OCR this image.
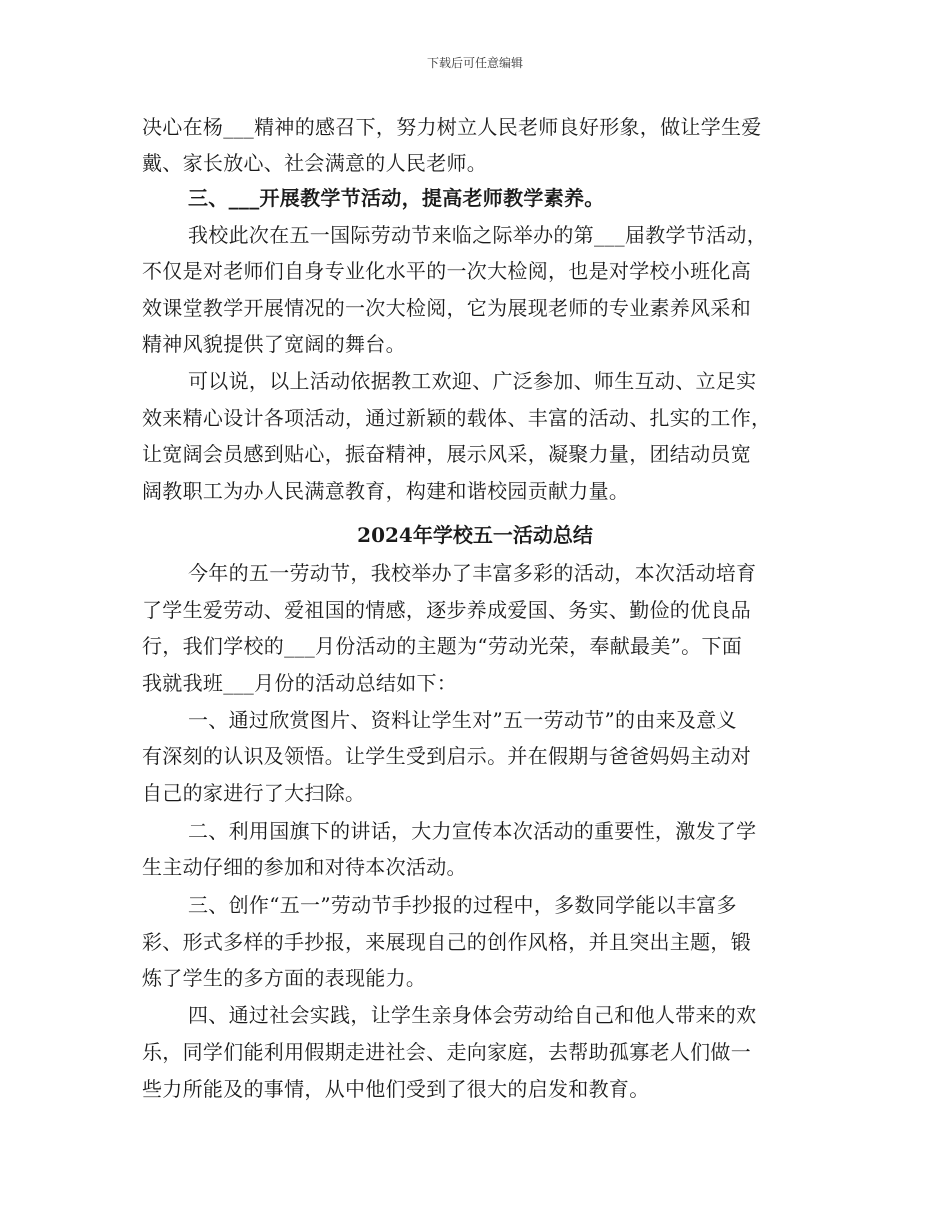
下载后可任意编辑
决心在杨___精神的感召下，努力树立人民老师良好形象，做让学生爱
戴、家长放心、社会满意的人民老师。
三、___开展教学节活动，提高老师教学素养。
我校此次在五一国际劳动节来临之际举办的第___届教学节活动，
不仅是对老师们自身专业化水平的一次大检阅，也是对学校小班化高
效课堂教学开展情况的一次大检阅，它为展现老师的专业素养风采和
精神风貌提供了宽阔的舞台。
可以说，以上活动依据教工欢迎、广泛参加、师生互动、立足实
效来精心设计各项活动，通过新颖的载体、丰富的活动、扎实的工作，
让宽阔会员感到贴心，振奋精神，展示风采，凝聚力量，团结动员宽
阔教职工为办人民满意教育，构建和谐校园贡献力量。
2024年学校五一活动总结
今年的五一劳动节，我校举办了丰富多彩的活动，本次活动培育
了学生爱劳动、爱祖国的情感，逐步养成爱国、务实、勤俭的优良品
行，我们学校的___月份活动的主题为“劳动光荣，奉献最美”。下面
我就我班___月份的活动总结如下：
一、通过欣赏图片、资料让学生对”五一劳动节”的由来及意义
有深刻的认识及领悟。让学生受到启示。并在假期与爸爸妈妈主动对
自己的家进行了大扫除。
二、利用国旗下的讲话，大力宣传本次活动的重要性，激发了学
生主动仔细的参加和对待本次活动。
三、创作“五一”劳动节手抄报的过程中，多数同学能以丰富多
彩、形式多样的手抄报，来展现自己的创作风格，并且突出主题，锻
炼了学生的多方面的表现能力。
四、通过社会实践，让学生亲身体会劳动给自己和他人带来的欢
乐，同学们能利用假期走进社会、走向家庭，去帮助孤寡老人们做一
些力所能及的事情，从中他们受到了很大的启发和教育。
